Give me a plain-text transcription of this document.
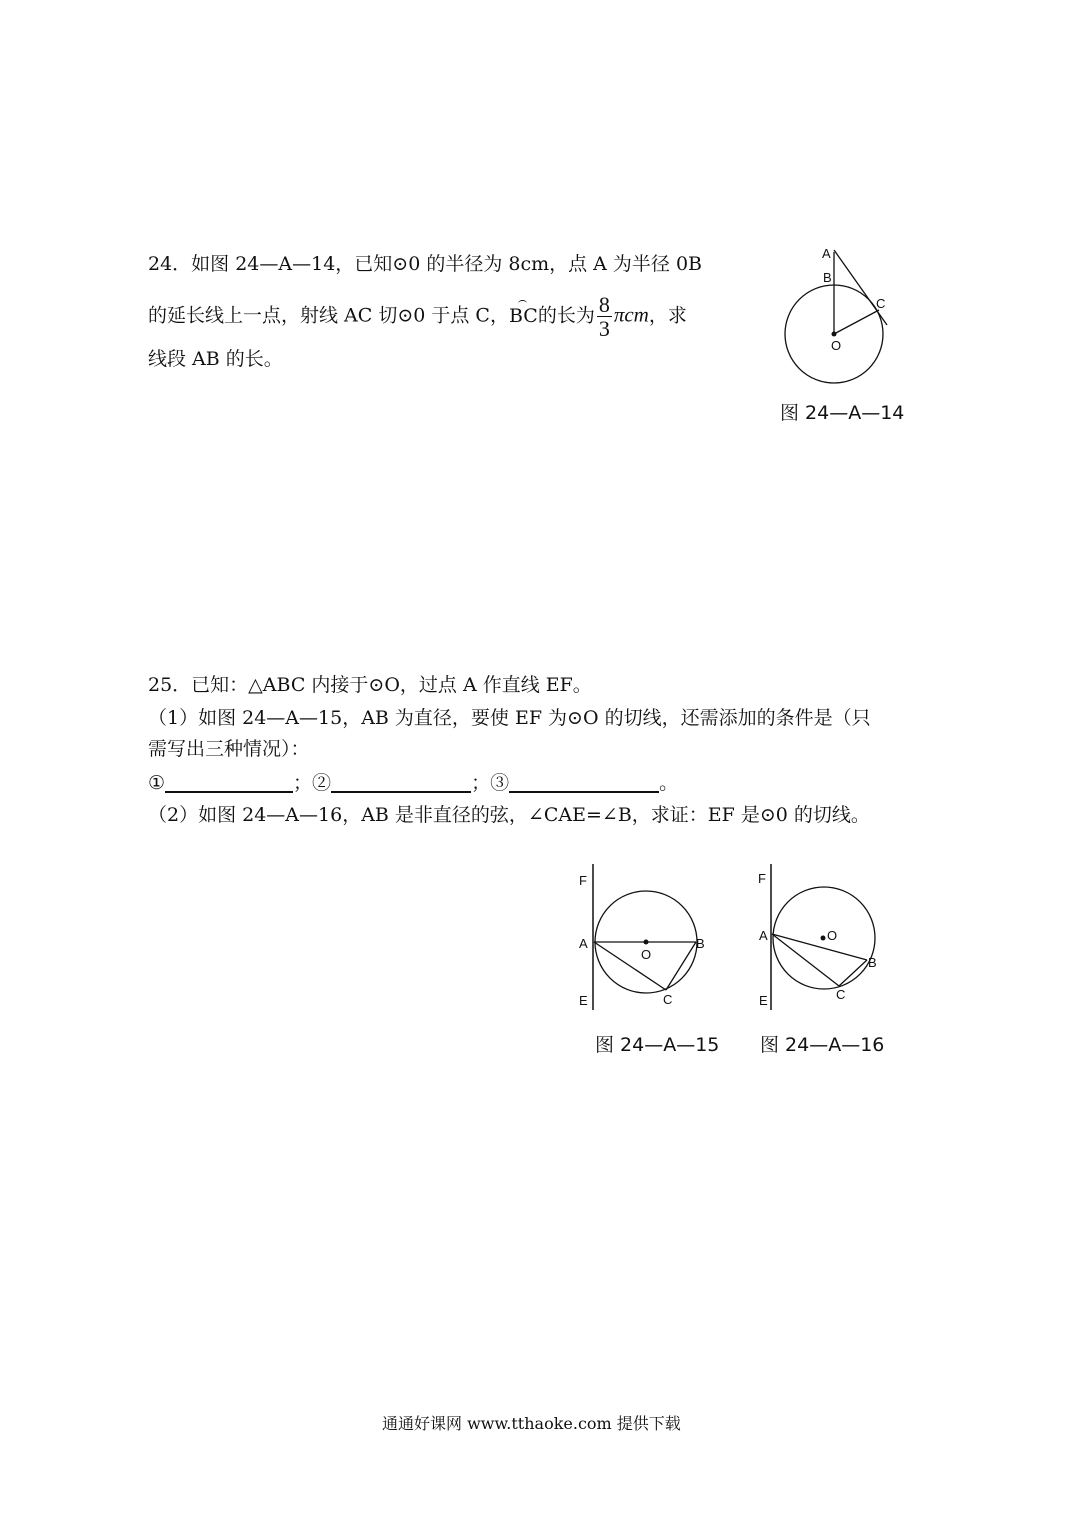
24．如图 24—A—14，已知⊙0 的半径为 8cm，点 A 为半径 0B
的延长线上一点，射线 AC 切⊙0 于点 C，BC的长为 $\frac{8}{3}$ πcm，求
线段 AB 的长。
A
B
C
O
图 24—A—14
25．已知：△ABC 内接于⊙O，过点 A 作直线 EF。
（1）如图 24—A—15，AB 为直径，要使 EF 为⊙O 的切线，还需添加的条件是（只
需写出三种情况）：
①	；②	；③	。
（2）如图 24—A—16，AB 是非直径的弦，∠CAE=∠B，求证：EF 是⊙0 的切线。
F
A
E
O
B
C
图 24—A—15
F
A
E
O
B
C
图 24—A—16
通通好课网 www.tthaoke.com 提供下载
